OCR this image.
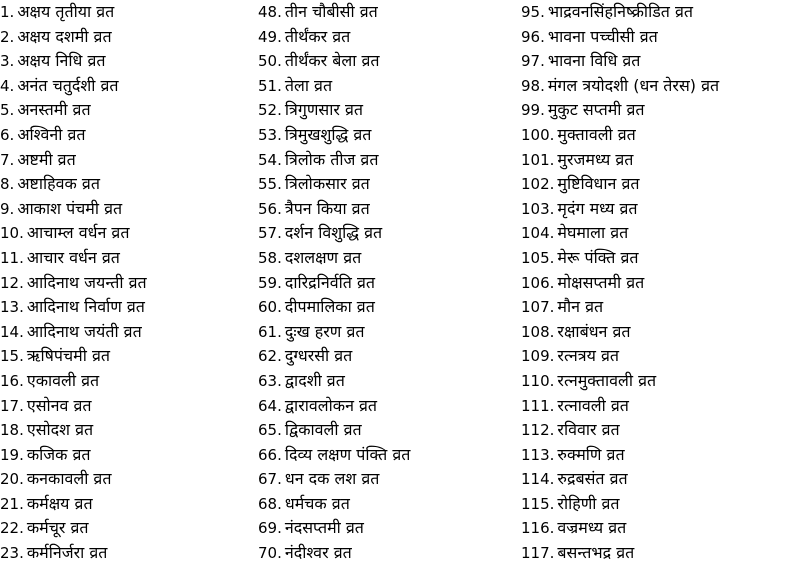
1. अक्षय तृतीया व्रत
2. अक्षय दशमी व्रत
3. अक्षय निधि व्रत
4. अनंत चतुर्दशी व्रत
5. अनस्तमी व्रत
6. अश्विनी व्रत
7. अष्टमी व्रत
8. अष्टाहिवक व्रत
9. आकाश पंचमी व्रत
10. आचाम्ल वर्धन व्रत
11. आचार वर्धन व्रत
12. आदिनाथ जयन्ती व्रत
13. आदिनाथ निर्वाण व्रत
14. आदिनाथ जयंती व्रत
15. ऋषिपंचमी व्रत
16. एकावली व्रत
17. एसोनव व्रत
18. एसोदश व्रत
19. कजिक व्रत
20. कनकावली व्रत
21. कर्मक्षय व्रत
22. कर्मचूर व्रत
23. कर्मनिर्जरा व्रत
48. तीन चौबीसी व्रत
49. तीर्थंकर व्रत
50. तीर्थंकर बेला व्रत
51. तेला व्रत
52. त्रिगुणसार व्रत
53. त्रिमुखशुद्धि व्रत
54. त्रिलोक तीज व्रत
55. त्रिलोकसार व्रत
56. त्रैपन किया व्रत
57. दर्शन विशुद्धि व्रत
58. दशलक्षण व्रत
59. दारिद्रनिर्वति व्रत
60. दीपमालिका व्रत
61. दुःख हरण व्रत
62. दुग्धरसी व्रत
63. द्वादशी व्रत
64. द्वारावलोकन व्रत
65. द्विकावली व्रत
66. दिव्य लक्षण पंक्ति व्रत
67. धन दक लश व्रत
68. धर्मचक व्रत
69. नंदसप्तमी व्रत
70. नंदीश्वर व्रत
95. भाद्रवनसिंहनिष्क्रीडित व्रत
96. भावना पच्चीसी व्रत
97. भावना विधि व्रत
98. मंगल त्रयोदशी (धन तेरस) व्रत
99. मुकुट सप्तमी व्रत
100. मुक्तावली व्रत
101. मुरजमध्य व्रत
102. मुष्टिविधान व्रत
103. मृदंग मध्य व्रत
104. मेघमाला व्रत
105. मेरू पंक्ति व्रत
106. मोक्षसप्तमी व्रत
107. मौन व्रत
108. रक्षाबंधन व्रत
109. रत्नत्रय व्रत
110. रत्नमुक्तावली व्रत
111. रत्नावली व्रत
112. रविवार व्रत
113. रुक्मणि व्रत
114. रुद्रबसंत व्रत
115. रोहिणी व्रत
116. वज्रमध्य व्रत
117. बसन्तभद्र व्रत
